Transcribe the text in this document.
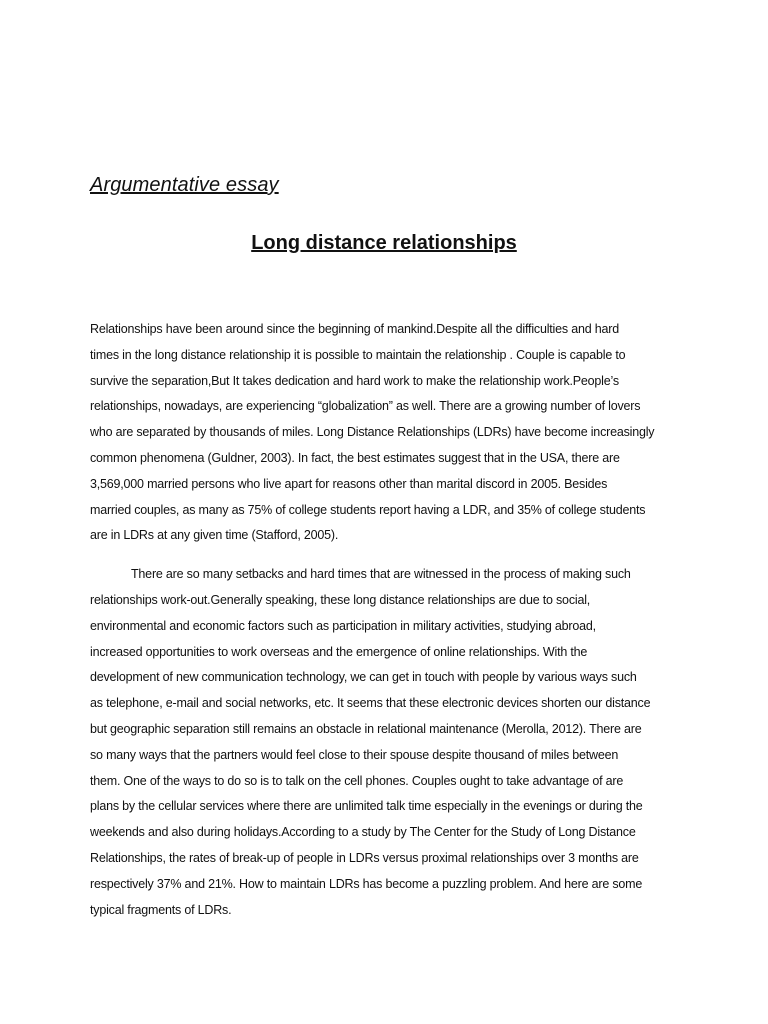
Argumentative essay
Long distance relationships
Relationships have been around since the beginning of mankind.Despite all the difficulties and hard
times in the long distance relationship it is possible to maintain the relationship . Couple is capable to
survive the separation,But It takes dedication and hard work to make the relationship work.People’s
relationships, nowadays, are experiencing “globalization” as well. There are a growing number of lovers
who are separated by thousands of miles. Long Distance Relationships (LDRs) have become increasingly
common phenomena (Guldner, 2003). In fact, the best estimates suggest that in the USA, there are
3,569,000 married persons who live apart for reasons other than marital discord in 2005. Besides
married couples, as many as 75% of college students report having a LDR, and 35% of college students
are in LDRs at any given time (Stafford, 2005).
There are so many setbacks and hard times that are witnessed in the process of making such
relationships work-out.Generally speaking, these long distance relationships are due to social,
environmental and economic factors such as participation in military activities, studying abroad,
increased opportunities to work overseas and the emergence of online relationships. With the
development of new communication technology, we can get in touch with people by various ways such
as telephone, e-mail and social networks, etc. It seems that these electronic devices shorten our distance
but geographic separation still remains an obstacle in relational maintenance (Merolla, 2012). There are
so many ways that the partners would feel close to their spouse despite thousand of miles between
them. One of the ways to do so is to talk on the cell phones. Couples ought to take advantage of are
plans by the cellular services where there are unlimited talk time especially in the evenings or during the
weekends and also during holidays.According to a study by The Center for the Study of Long Distance
Relationships, the rates of break-up of people in LDRs versus proximal relationships over 3 months are
respectively 37% and 21%. How to maintain LDRs has become a puzzling problem. And here are some
typical fragments of LDRs.
